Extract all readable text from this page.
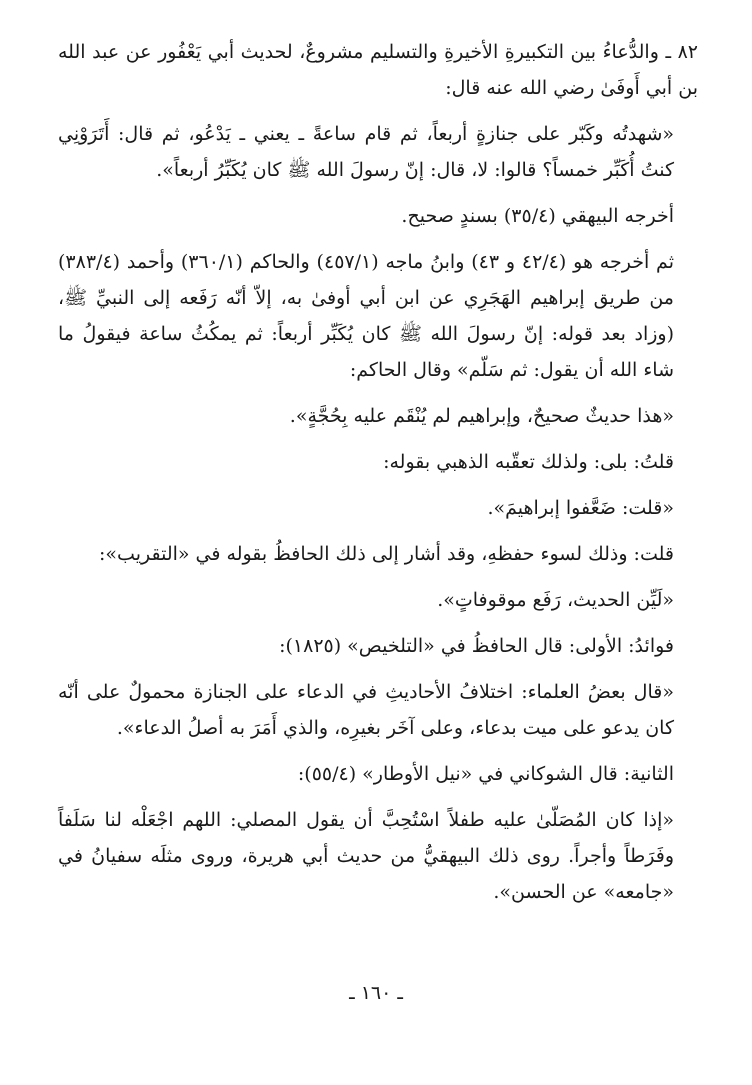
٨٢ ـ والدُّعاءُ بين التكبيرةِ الأخيرةِ والتسليم مشروعٌ، لحديث أبي يَعْفُور عن عبد الله بن أبي أَوفَىٰ رضي الله عنه قال:

«شهدتُه وكَبّر على جنازةٍ أربعاً، ثم قام ساعةً ـ يعني ـ يَدْعُو، ثم قال: أَتَرَوْنِي كنتُ أُكَبِّر خمساً؟ قالوا: لا، قال: إنّ رسولَ الله ﷺ كان يُكَبِّرُ أربعاً».

أخرجه البيهقي (٣٥/٤) بسندٍ صحيح.

ثم أخرجه هو (٤٢/٤ و ٤٣) وابنُ ماجه (٤٥٧/١) والحاكم (٣٦٠/١) وأحمد (٣٨٣/٤) من طريق إبراهيم الهَجَرِي عن ابن أبي أوفىٰ به، إلاّ أنّه رَفَعه إلى النبيِّ ﷺ، (وزاد بعد قوله: إنّ رسولَ الله ﷺ كان يُكَبِّر أربعاً: ثم يمكُثُ ساعة فيقولُ ما شاء الله أن يقول: ثم سَلّم» وقال الحاكم:

«هذا حديثٌ صحيحٌ، وإبراهيم لم يُنْقَم عليه بِحُجَّةٍ».

قلتُ: بلى: ولذلك تعقّبه الذهبي بقوله:

«قلت: ضَعَّفوا إبراهيمَ».

قلت: وذلك لسوء حفظهِ، وقد أشار إلى ذلك الحافظُ بقوله في «التقريب»:

«لَيِّن الحديث، رَفَع موقوفاتٍ».

فوائدُ: الأولى: قال الحافظُ في «التلخيص» (١٨٢٥):

«قال بعضُ العلماء: اختلافُ الأحاديثِ في الدعاء على الجنازة محمولٌ على أنّه كان يدعو على ميت بدعاء، وعلى آخَر بغيرِه، والذي أَمَرَ به أصلُ الدعاء».

الثانية: قال الشوكاني في «نيل الأوطار» (٥٥/٤):

«إذا كان المُصَلّىٰ عليه طفلاً اسْتُحِبَّ أن يقول المصلي: اللهم اجْعَلْه لنا سَلَفاً وفَرَطاً وأجراً. روى ذلك البيهقيُّ من حديث أبي هريرة، وروى مثلَه سفيانُ في «جامعه» عن الحسن».

ـ ١٦٠ ـ
